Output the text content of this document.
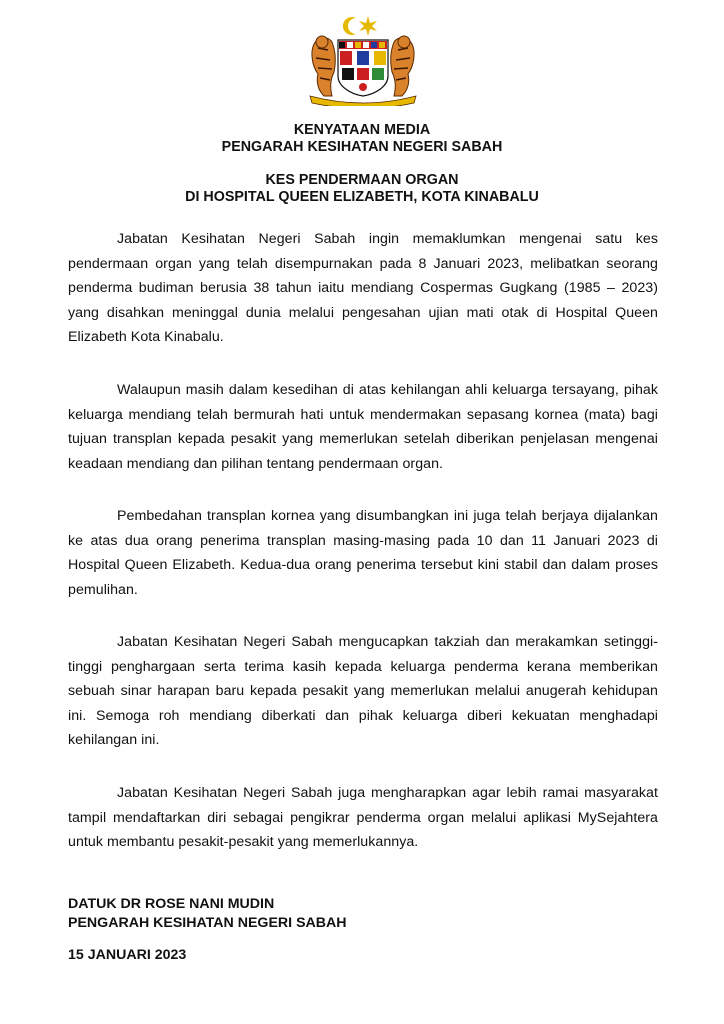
KENYATAAN MEDIA
PENGARAH KESIHATAN NEGERI SABAH
KES PENDERMAAN ORGAN
DI HOSPITAL QUEEN ELIZABETH, KOTA KINABALU

Jabatan Kesihatan Negeri Sabah ingin memaklumkan mengenai satu kes pendermaan organ yang telah disempurnakan pada 8 Januari 2023, melibatkan seorang penderma budiman berusia 38 tahun iaitu mendiang Cospermas Gugkang (1985 – 2023) yang disahkan meninggal dunia melalui pengesahan ujian mati otak di Hospital Queen Elizabeth Kota Kinabalu.

Walaupun masih dalam kesedihan di atas kehilangan ahli keluarga tersayang, pihak keluarga mendiang telah bermurah hati untuk mendermakan sepasang kornea (mata) bagi tujuan transplan kepada pesakit yang memerlukan setelah diberikan penjelasan mengenai keadaan mendiang dan pilihan tentang pendermaan organ.

Pembedahan transplan kornea yang disumbangkan ini juga telah berjaya dijalankan ke atas dua orang penerima transplan masing-masing pada 10 dan 11 Januari 2023 di Hospital Queen Elizabeth. Kedua-dua orang penerima tersebut kini stabil dan dalam proses pemulihan.

Jabatan Kesihatan Negeri Sabah mengucapkan takziah dan merakamkan setinggi-tinggi penghargaan serta terima kasih kepada keluarga penderma kerana memberikan sebuah sinar harapan baru kepada pesakit yang memerlukan melalui anugerah kehidupan ini. Semoga roh mendiang diberkati dan pihak keluarga diberi kekuatan menghadapi kehilangan ini.

Jabatan Kesihatan Negeri Sabah juga mengharapkan agar lebih ramai masyarakat tampil mendaftarkan diri sebagai pengikrar penderma organ melalui aplikasi MySejahtera untuk membantu pesakit-pesakit yang memerlukannya.

DATUK DR ROSE NANI MUDIN
PENGARAH KESIHATAN NEGERI SABAH
15 JANUARI 2023
